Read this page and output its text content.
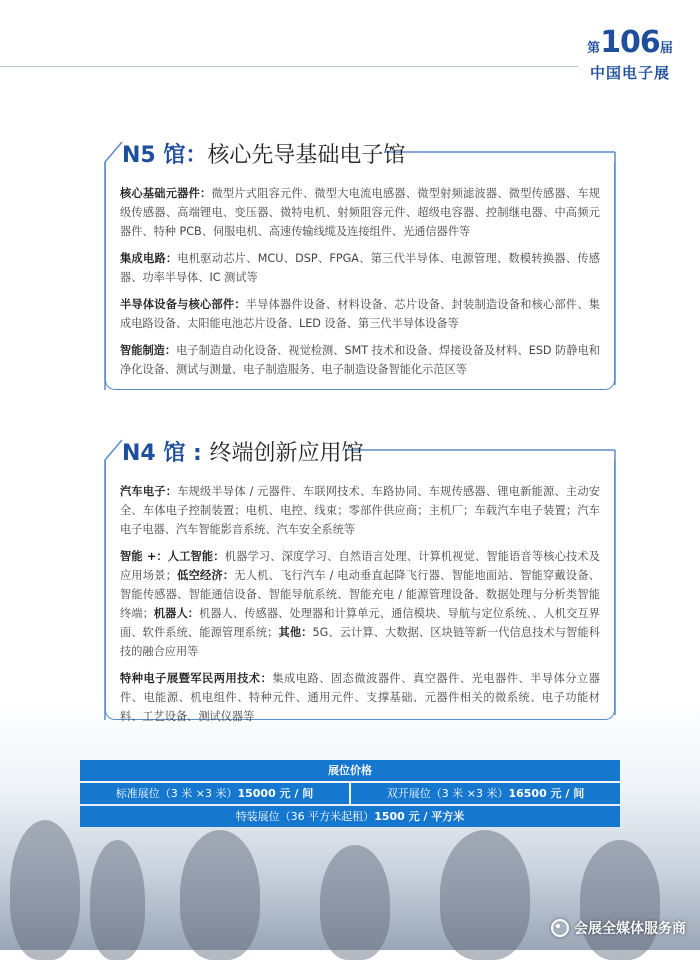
第106届
中国电子展
N5 馆：核心先导基础电子馆

核心基础元器件：微型片式阻容元件、微型大电流电感器、微型射频滤波器、微型传感器、车规级传感器、高端锂电、变压器、微特电机、射频阻容元件、超级电容器、控制继电器、中高频元器件、特种 PCB、伺服电机、高速传输线缆及连接组件、光通信器件等

集成电路：电机驱动芯片、MCU、DSP、FPGA、第三代半导体、电源管理、数模转换器、传感器、功率半导体、IC 测试等

半导体设备与核心部件：半导体器件设备、材料设备、芯片设备、封装制造设备和核心部件、集成电路设备、太阳能电池芯片设备、LED 设备、第三代半导体设备等

智能制造：电子制造自动化设备、视觉检测、SMT 技术和设备、焊接设备及材料、ESD 防静电和净化设备、测试与测量、电子制造服务、电子制造设备智能化示范区等

N4 馆 : 终端创新应用馆

汽车电子：车规级半导体 / 元器件、车联网技术、车路协同、车规传感器、锂电新能源、主动安全、车体电子控制装置；电机、电控、线束；零部件供应商；主机厂；车载汽车电子装置；汽车电子电器、汽车智能影音系统、汽车安全系统等

智能 +：人工智能：机器学习、深度学习、自然语言处理、计算机视觉、智能语音等核心技术及应用场景；低空经济：无人机、飞行汽车 / 电动垂直起降飞行器、智能地面站、智能穿戴设备、智能传感器、智能通信设备、智能导航系统、智能充电 / 能源管理设备、数据处理与分析类智能终端；机器人：机器人、传感器、处理器和计算单元、通信模块、导航与定位系统、、人机交互界面、软件系统、能源管理系统；其他：5G、云计算、大数据、区块链等新一代信息技术与智能科技的融合应用等

特种电子展暨军民两用技术：集成电路、固态微波器件、真空器件、光电器件、半导体分立器件、电能源、机电组件、特种元件、通用元件、支撑基础、元器件相关的微系统、电子功能材料、工艺设备、测试仪器等

展位价格
标准展位（3 米 ×3 米）15000 元 / 间	双开展位（3 米 ×3 米）16500 元 / 间
特装展位（36 平方米起租）1500 元 / 平方米
会展全媒体服务商
